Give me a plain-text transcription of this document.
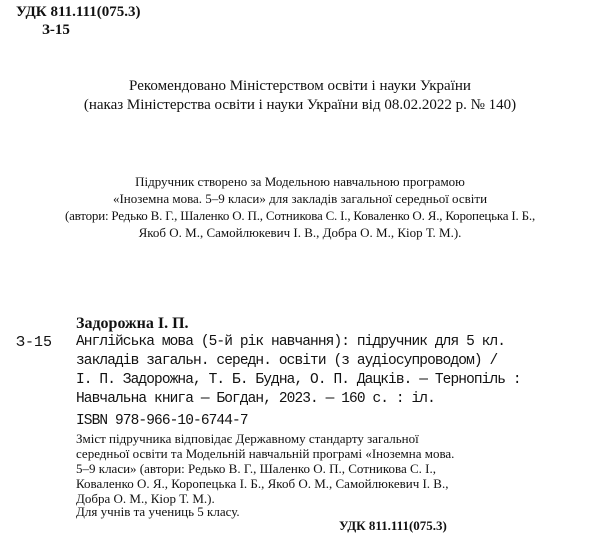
УДК 811.111(075.3)
З-15
Рекомендовано Міністерством освіти і науки України
(наказ Міністерства освіти і науки України від 08.02.2022 р. № 140)
Підручник створено за Модельною навчальною програмою
«Іноземна мова. 5–9 класи» для закладів загальної середньої освіти
(автори: Редько В. Г., Шаленко О. П., Сотникова С. І., Коваленко О. Я., Коропецька І. Б.,
Якоб О. М., Самойлюкевич І. В., Добра О. М., Кіор Т. М.).
Задорожна І. П.
З-15 Англійська мова (5-й рік навчання): підручник для 5 кл.
закладів загальн. середн. освіти (з аудіосупроводом) /
І. П. Задорожна, Т. Б. Будна, О. П. Дацків. — Тернопіль :
Навчальна книга — Богдан, 2023. — 160 с. : іл.
ISBN 978-966-10-6744-7
Зміст підручника відповідає Державному стандарту загальної
середньої освіти та Модельній навчальній програмі «Іноземна мова.
5–9 класи» (автори: Редько В. Г., Шаленко О. П., Сотникова С. І.,
Коваленко О. Я., Коропецька І. Б., Якоб О. М., Самойлюкевич І. В.,
Добра О. М., Кіор Т. М.).
Для учнів та учениць 5 класу.
УДК 811.111(075.3)
